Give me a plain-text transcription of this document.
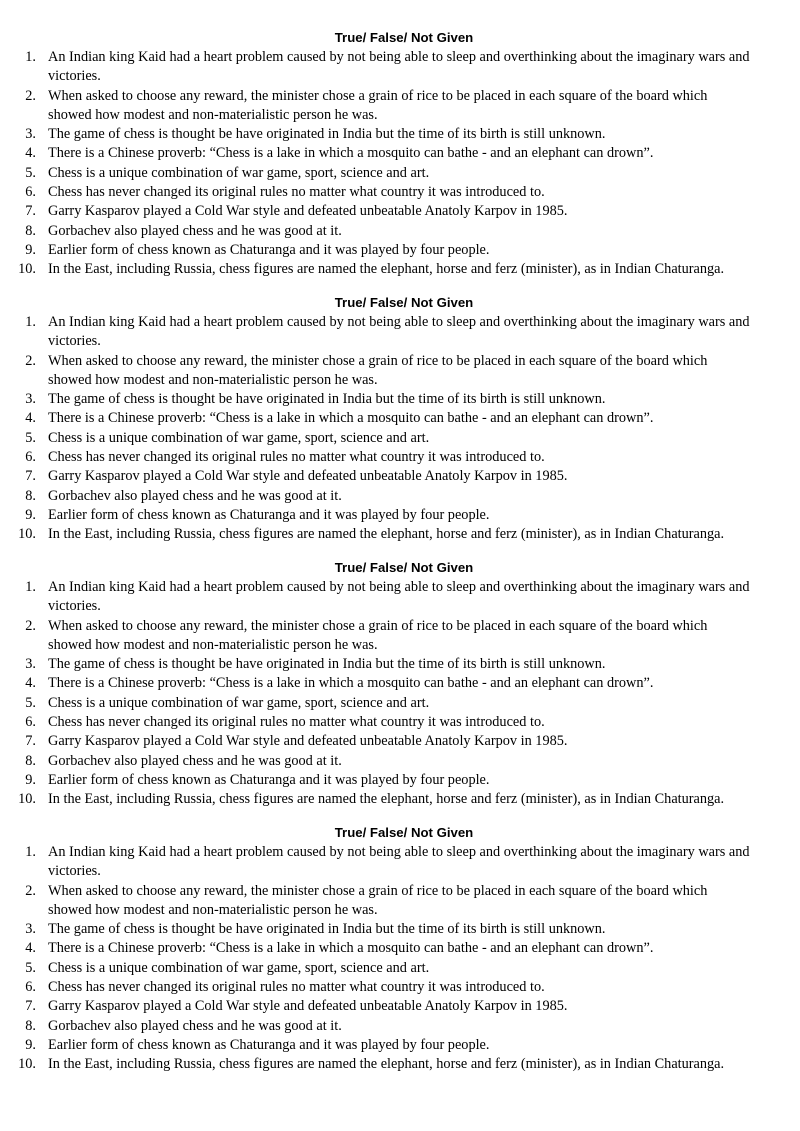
True/ False/ Not Given
1. An Indian king Kaid had a heart problem caused by not being able to sleep and overthinking about the imaginary wars and victories.
2. When asked to choose any reward, the minister chose a grain of rice to be placed in each square of the board which showed how modest and non-materialistic person he was.
3. The game of chess is thought be have originated in India but the time of its birth is still unknown.
4. There is a Chinese proverb: “Chess is a lake in which a mosquito can bathe - and an elephant can drown”.
5. Chess is a unique combination of war game, sport, science and art.
6. Chess has never changed its original rules no matter what country it was introduced to.
7. Garry Kasparov played a Cold War style and defeated unbeatable Anatoly Karpov in 1985.
8. Gorbachev also played chess and he was good at it.
9. Earlier form of chess known as Chaturanga and it was played by four people.
10. In the East, including Russia, chess figures are named the elephant, horse and ferz (minister), as in Indian Chaturanga.
True/ False/ Not Given
1. An Indian king Kaid had a heart problem caused by not being able to sleep and overthinking about the imaginary wars and victories.
2. When asked to choose any reward, the minister chose a grain of rice to be placed in each square of the board which showed how modest and non-materialistic person he was.
3. The game of chess is thought be have originated in India but the time of its birth is still unknown.
4. There is a Chinese proverb: “Chess is a lake in which a mosquito can bathe - and an elephant can drown”.
5. Chess is a unique combination of war game, sport, science and art.
6. Chess has never changed its original rules no matter what country it was introduced to.
7. Garry Kasparov played a Cold War style and defeated unbeatable Anatoly Karpov in 1985.
8. Gorbachev also played chess and he was good at it.
9. Earlier form of chess known as Chaturanga and it was played by four people.
10. In the East, including Russia, chess figures are named the elephant, horse and ferz (minister), as in Indian Chaturanga.
True/ False/ Not Given
1. An Indian king Kaid had a heart problem caused by not being able to sleep and overthinking about the imaginary wars and victories.
2. When asked to choose any reward, the minister chose a grain of rice to be placed in each square of the board which showed how modest and non-materialistic person he was.
3. The game of chess is thought be have originated in India but the time of its birth is still unknown.
4. There is a Chinese proverb: “Chess is a lake in which a mosquito can bathe - and an elephant can drown”.
5. Chess is a unique combination of war game, sport, science and art.
6. Chess has never changed its original rules no matter what country it was introduced to.
7. Garry Kasparov played a Cold War style and defeated unbeatable Anatoly Karpov in 1985.
8. Gorbachev also played chess and he was good at it.
9. Earlier form of chess known as Chaturanga and it was played by four people.
10. In the East, including Russia, chess figures are named the elephant, horse and ferz (minister), as in Indian Chaturanga.
True/ False/ Not Given
1. An Indian king Kaid had a heart problem caused by not being able to sleep and overthinking about the imaginary wars and victories.
2. When asked to choose any reward, the minister chose a grain of rice to be placed in each square of the board which showed how modest and non-materialistic person he was.
3. The game of chess is thought be have originated in India but the time of its birth is still unknown.
4. There is a Chinese proverb: “Chess is a lake in which a mosquito can bathe - and an elephant can drown”.
5. Chess is a unique combination of war game, sport, science and art.
6. Chess has never changed its original rules no matter what country it was introduced to.
7. Garry Kasparov played a Cold War style and defeated unbeatable Anatoly Karpov in 1985.
8. Gorbachev also played chess and he was good at it.
9. Earlier form of chess known as Chaturanga and it was played by four people.
10. In the East, including Russia, chess figures are named the elephant, horse and ferz (minister), as in Indian Chaturanga.
